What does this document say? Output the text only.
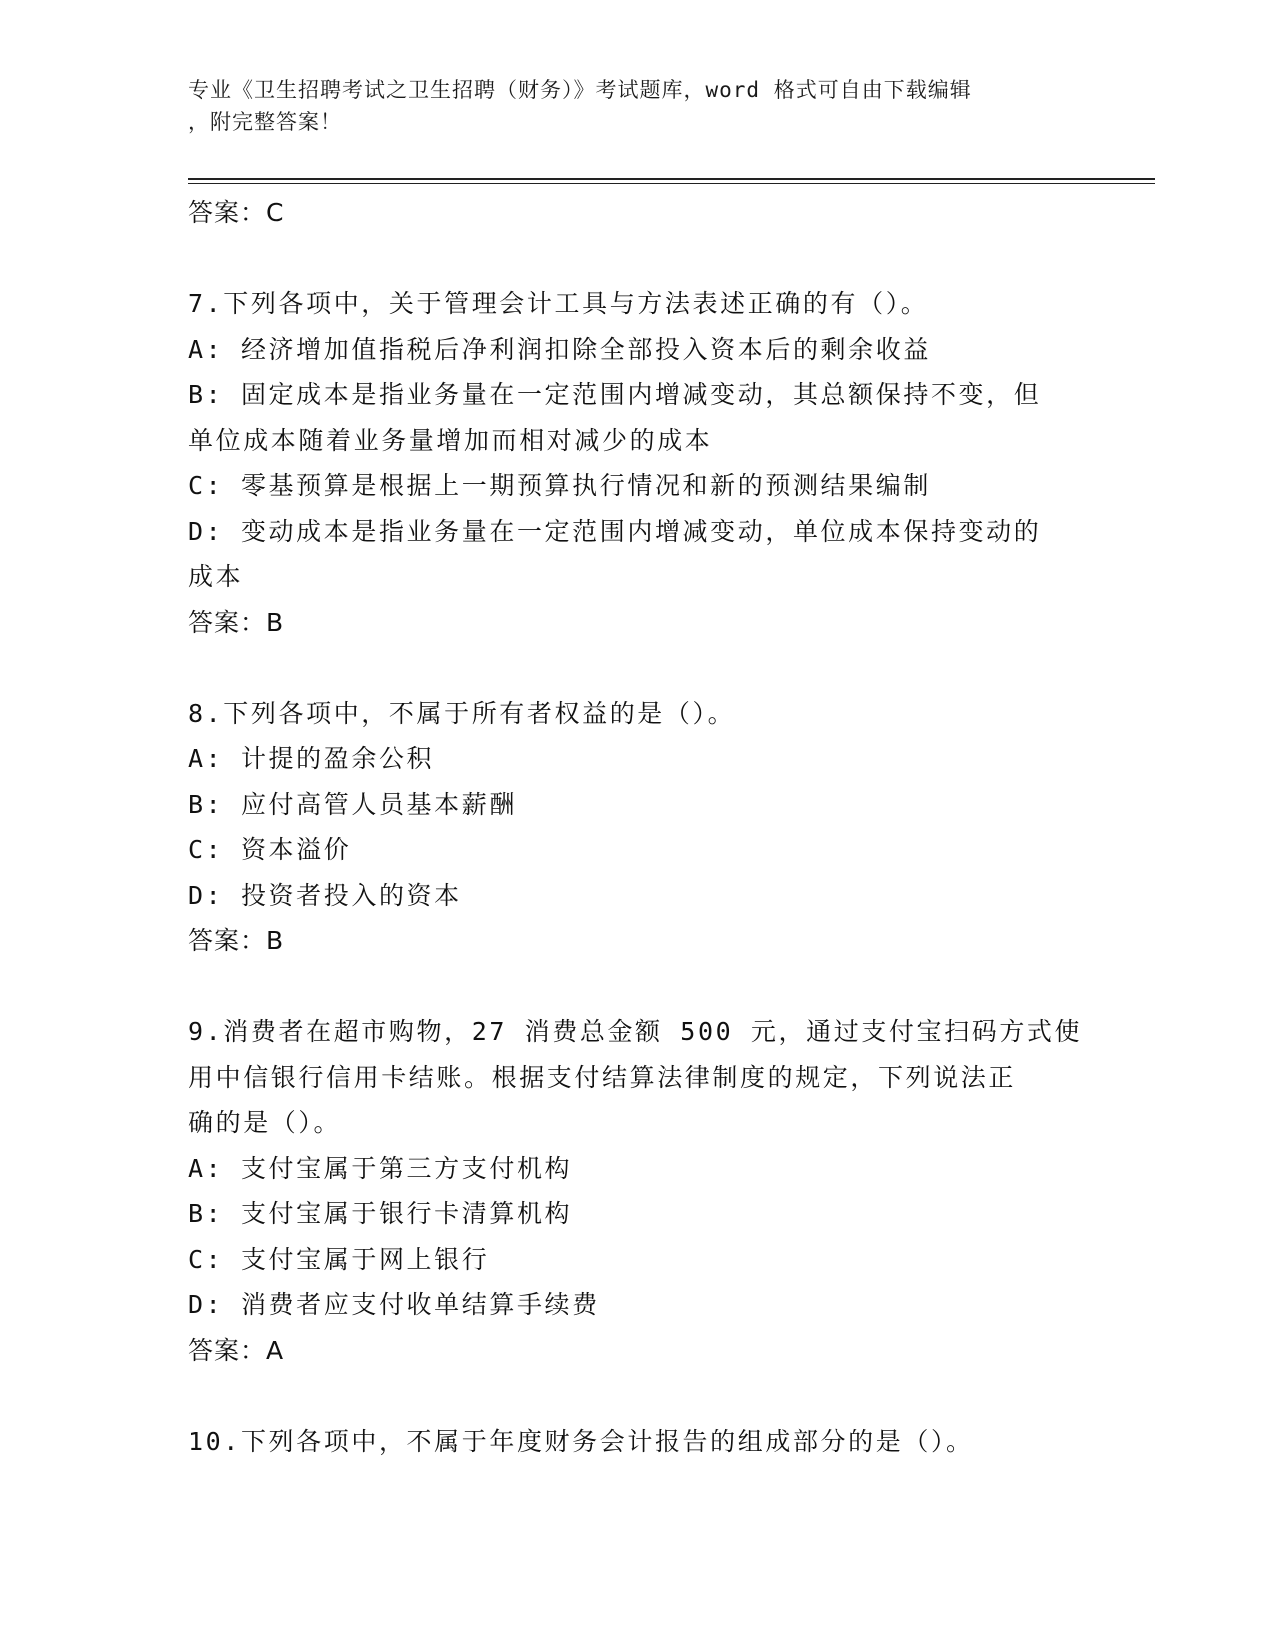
专业《卫生招聘考试之卫生招聘（财务）》考试题库，word 格式可自由下载编辑
，附完整答案！
答案：C
7.下列各项中，关于管理会计工具与方法表述正确的有（）。
A: 经济增加值指税后净利润扣除全部投入资本后的剩余收益
B: 固定成本是指业务量在一定范围内增减变动，其总额保持不变，但
单位成本随着业务量增加而相对减少的成本
C: 零基预算是根据上一期预算执行情况和新的预测结果编制
D: 变动成本是指业务量在一定范围内增减变动，单位成本保持变动的
成本
答案：B
8.下列各项中，不属于所有者权益的是（）。
A: 计提的盈余公积
B: 应付高管人员基本薪酬
C: 资本溢价
D: 投资者投入的资本
答案：B
9.消费者在超市购物，27 消费总金额 500 元，通过支付宝扫码方式使
用中信银行信用卡结账。根据支付结算法律制度的规定，下列说法正
确的是（）。
A: 支付宝属于第三方支付机构
B: 支付宝属于银行卡清算机构
C: 支付宝属于网上银行
D: 消费者应支付收单结算手续费
答案：A
10.下列各项中，不属于年度财务会计报告的组成部分的是（）。
